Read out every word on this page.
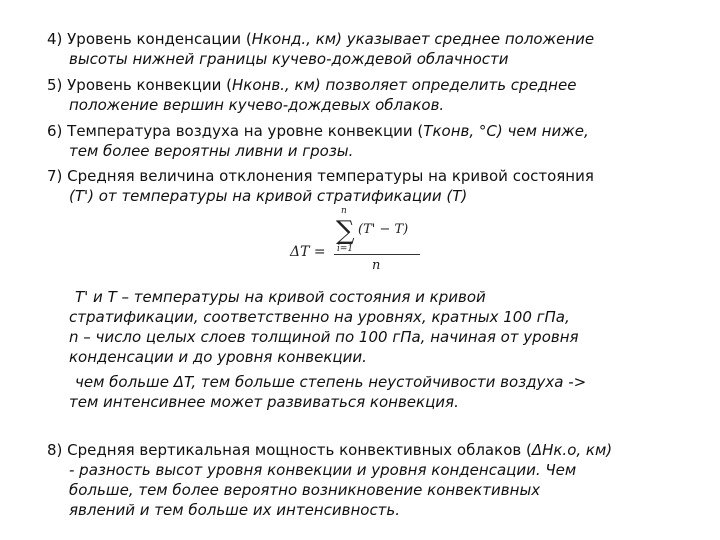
4) Уровень конденсации (Нконд., км) указывает среднее положение
высоты нижней границы кучево-дождевой облачности
5) Уровень конвекции (Нконв., км) позволяет определить среднее
положение вершин кучево-дождевых облаков.
6) Температура воздуха на уровне конвекции (Тконв, °С) чем ниже,
тем более вероятны ливни и грозы.
7) Средняя величина отклонения температуры на кривой состояния
(T') от температуры на кривой стратификации (T)
ΔT =
n
∑
i=1
(T' − T)
n
T' и T – температуры на кривой состояния и кривой
стратификации, соответственно на уровнях, кратных 100 гПа,
n – число целых слоев толщиной по 100 гПа, начиная от уровня
конденсации и до уровня конвекции.
чем больше ΔT, тем больше степень неустойчивости воздуха ->
тем интенсивнее может развиваться конвекция.
8) Средняя вертикальная мощность конвективных облаков (ΔНк.о, км)
- разность высот уровня конвекции и уровня конденсации. Чем
больше, тем более вероятно возникновение конвективных
явлений и тем больше их интенсивность.
